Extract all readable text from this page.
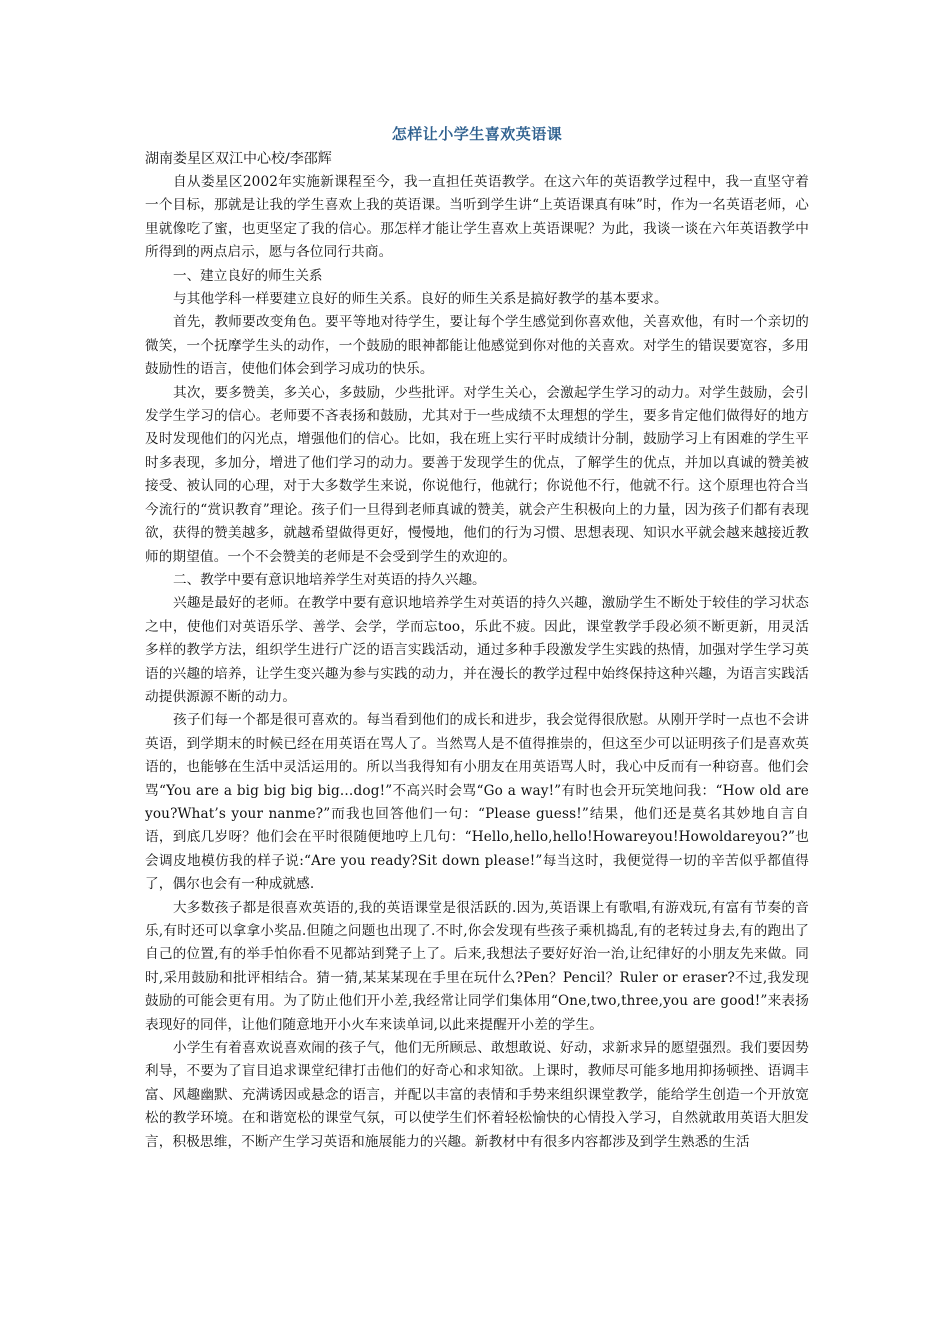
怎样让小学生喜欢英语课

湖南娄星区双江中心校/李邵辉

自从娄星区2002年实施新课程至今，我一直担任英语教学。在这六年的英语教学过程中，我一直坚守着一个目标，那就是让我的学生喜欢上我的英语课。当听到学生讲“上英语课真有味”时，作为一名英语老师，心里就像吃了蜜，也更坚定了我的信心。那怎样才能让学生喜欢上英语课呢？为此，我谈一谈在六年英语教学中所得到的两点启示，愿与各位同行共商。

一、建立良好的师生关系

与其他学科一样要建立良好的师生关系。良好的师生关系是搞好教学的基本要求。

首先，教师要改变角色。要平等地对待学生，要让每个学生感觉到你喜欢他，关喜欢他，有时一个亲切的微笑，一个抚摩学生头的动作，一个鼓励的眼神都能让他感觉到你对他的关喜欢。对学生的错误要宽容，多用鼓励性的语言，使他们体会到学习成功的快乐。

其次，要多赞美，多关心，多鼓励，少些批评。对学生关心，会激起学生学习的动力。对学生鼓励，会引发学生学习的信心。老师要不吝表扬和鼓励，尤其对于一些成绩不太理想的学生，要多肯定他们做得好的地方及时发现他们的闪光点，增强他们的信心。比如，我在班上实行平时成绩计分制，鼓励学习上有困难的学生平时多表现，多加分，增进了他们学习的动力。要善于发现学生的优点，了解学生的优点，并加以真诚的赞美被接受、被认同的心理，对于大多数学生来说，你说他行，他就行；你说他不行，他就不行。这个原理也符合当今流行的“赏识教育”理论。孩子们一旦得到老师真诚的赞美，就会产生积极向上的力量，因为孩子们都有表现欲，获得的赞美越多，就越希望做得更好，慢慢地，他们的行为习惯、思想表现、知识水平就会越来越接近教师的期望值。一个不会赞美的老师是不会受到学生的欢迎的。

二、教学中要有意识地培养学生对英语的持久兴趣。

兴趣是最好的老师。在教学中要有意识地培养学生对英语的持久兴趣，激励学生不断处于较佳的学习状态之中，使他们对英语乐学、善学、会学，学而忘too，乐此不疲。因此，课堂教学手段必须不断更新，用灵活多样的教学方法，组织学生进行广泛的语言实践活动，通过多种手段激发学生实践的热情，加强对学生学习英语的兴趣的培养，让学生变兴趣为参与实践的动力，并在漫长的教学过程中始终保持这种兴趣，为语言实践活动提供源源不断的动力。

孩子们每一个都是很可喜欢的。每当看到他们的成长和进步，我会觉得很欣慰。从刚开学时一点也不会讲英语，到学期末的时候已经在用英语在骂人了。当然骂人是不值得推崇的，但这至少可以证明孩子们是喜欢英语的，也能够在生活中灵活运用的。所以当我得知有小朋友在用英语骂人时，我心中反而有一种窃喜。他们会骂“You are a big big big big…dog!”不高兴时会骂“Go a way!”有时也会开玩笑地问我：“How old are you?What’s your nanme?”而我也回答他们一句：“Please guess!”结果，他们还是莫名其妙地自言自语，到底几岁呀？他们会在平时很随便地哼上几句：“Hello,hello,hello!Howareyou!Howoldareyou?”也会调皮地模仿我的样子说:“Are you ready?Sit down please!”每当这时，我便觉得一切的辛苦似乎都值得了，偶尔也会有一种成就感.

大多数孩子都是很喜欢英语的,我的英语课堂是很活跃的.因为,英语课上有歌唱,有游戏玩,有富有节奏的音乐,有时还可以拿拿小奖品.但随之问题也出现了.不时,你会发现有些孩子乘机捣乱,有的老转过身去,有的跑出了自己的位置,有的举手怕你看不见都站到凳子上了。后来,我想法子要好好治一治,让纪律好的小朋友先来做。同时,采用鼓励和批评相结合。猜一猜,某某某现在手里在玩什么?Pen？Pencil？Ruler or eraser?不过,我发现鼓励的可能会更有用。为了防止他们开小差,我经常让同学们集体用“One,two,three,you are good!”来表扬表现好的同伴，让他们随意地开小火车来读单词,以此来提醒开小差的学生。

小学生有着喜欢说喜欢闹的孩子气，他们无所顾忌、敢想敢说、好动，求新求异的愿望强烈。我们要因势利导，不要为了盲目追求课堂纪律打击他们的好奇心和求知欲。上课时，教师尽可能多地用抑扬顿挫、语调丰富、风趣幽默、充满诱因或悬念的语言，并配以丰富的表情和手势来组织课堂教学，能给学生创造一个开放宽松的教学环境。在和谐宽松的课堂气氛，可以使学生们怀着轻松愉快的心情投入学习，自然就敢用英语大胆发言，积极思维，不断产生学习英语和施展能力的兴趣。新教材中有很多内容都涉及到学生熟悉的生活
